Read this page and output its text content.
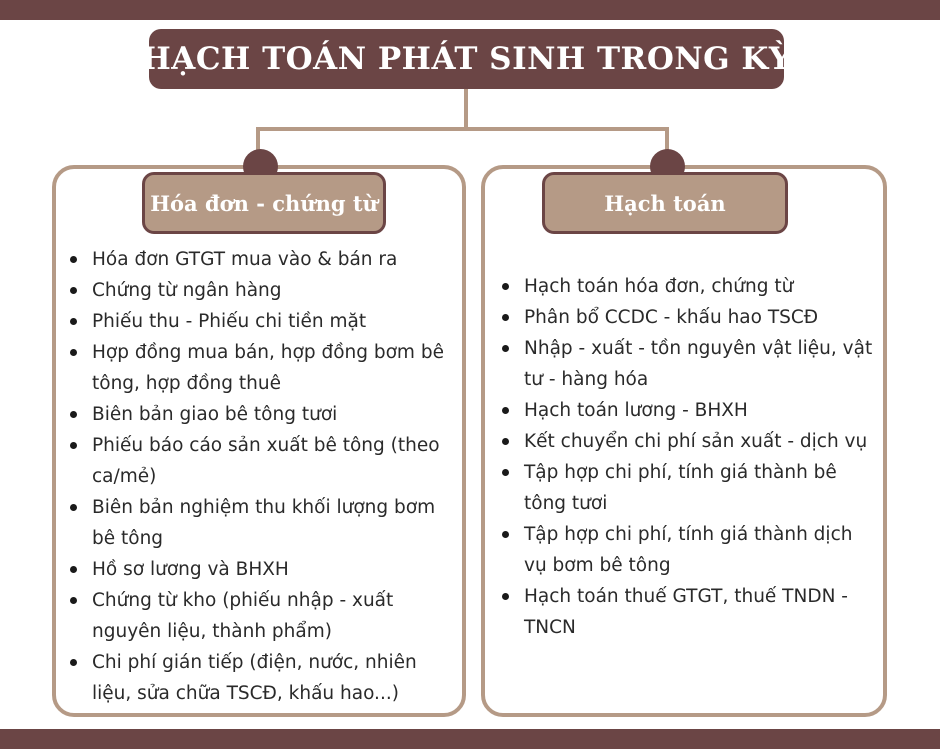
HẠCH TOÁN PHÁT SINH TRONG KỲ
Hóa đơn - chứng từ	Hạch toán
Hóa đơn GTGT mua vào & bán ra
Chứng từ ngân hàng
Phiếu thu - Phiếu chi tiền mặt
Hợp đồng mua bán, hợp đồng bơm bê tông, hợp đồng thuê
Biên bản giao bê tông tươi
Phiếu báo cáo sản xuất bê tông (theo ca/mẻ)
Biên bản nghiệm thu khối lượng bơm bê tông
Hồ sơ lương và BHXH
Chứng từ kho (phiếu nhập - xuất nguyên liệu, thành phẩm)
Chi phí gián tiếp (điện, nước, nhiên liệu, sửa chữa TSCĐ, khấu hao...)
Hạch toán hóa đơn, chứng từ
Phân bổ CCDC - khấu hao TSCĐ
Nhập - xuất - tồn nguyên vật liệu, vật tư - hàng hóa
Hạch toán lương - BHXH
Kết chuyển chi phí sản xuất - dịch vụ
Tập hợp chi phí, tính giá thành bê tông tươi
Tập hợp chi phí, tính giá thành dịch vụ bơm bê tông
Hạch toán thuế GTGT, thuế TNDN - TNCN
